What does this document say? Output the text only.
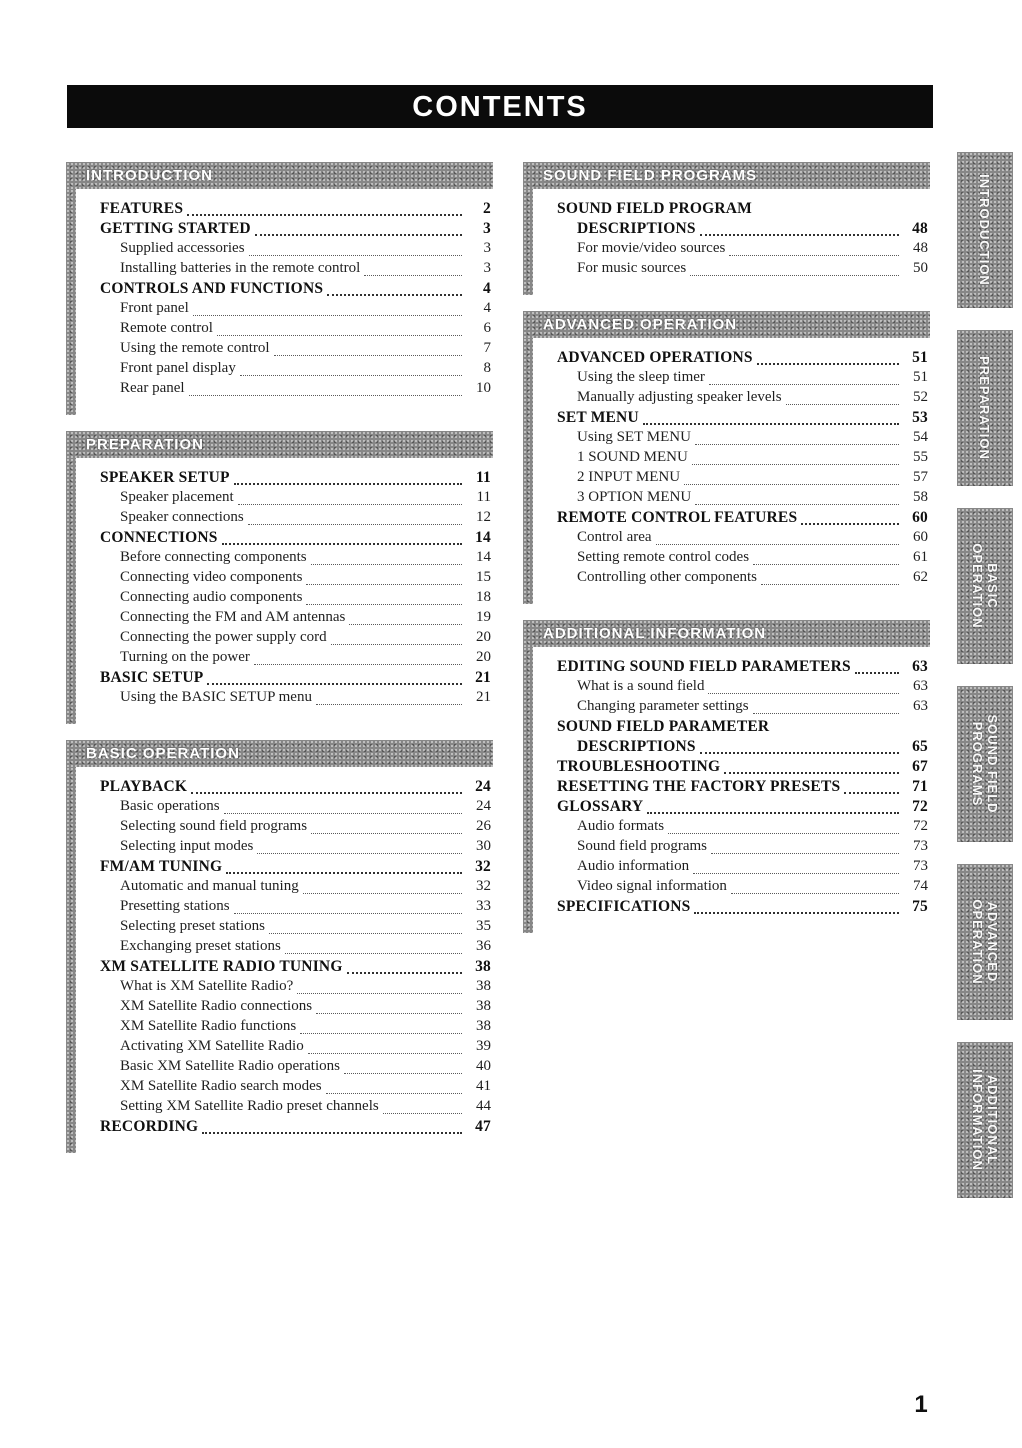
CONTENTS
INTRODUCTION
FEATURES	2
GETTING STARTED	3
Supplied accessories	3
Installing batteries in the remote control	3
CONTROLS AND FUNCTIONS	4
Front panel	4
Remote control	6
Using the remote control	7
Front panel display	8
Rear panel	10
PREPARATION
SPEAKER SETUP	11
Speaker placement	11
Speaker connections	12
CONNECTIONS	14
Before connecting components	14
Connecting video components	15
Connecting audio components	18
Connecting the FM and AM antennas	19
Connecting the power supply cord	20
Turning on the power	20
BASIC SETUP	21
Using the BASIC SETUP menu	21
BASIC OPERATION
PLAYBACK	24
Basic operations	24
Selecting sound field programs	26
Selecting input modes	30
FM/AM TUNING	32
Automatic and manual tuning	32
Presetting stations	33
Selecting preset stations	35
Exchanging preset stations	36
XM SATELLITE RADIO TUNING	38
What is XM Satellite Radio?	38
XM Satellite Radio connections	38
XM Satellite Radio functions	38
Activating XM Satellite Radio	39
Basic XM Satellite Radio operations	40
XM Satellite Radio search modes	41
Setting XM Satellite Radio preset channels	44
RECORDING	47
SOUND FIELD PROGRAMS
SOUND FIELD PROGRAM
DESCRIPTIONS	48
For movie/video sources	48
For music sources	50
ADVANCED OPERATION
ADVANCED OPERATIONS	51
Using the sleep timer	51
Manually adjusting speaker levels	52
SET MENU	53
Using SET MENU	54
1 SOUND MENU	55
2 INPUT MENU	57
3 OPTION MENU	58
REMOTE CONTROL FEATURES	60
Control area	60
Setting remote control codes	61
Controlling other components	62
ADDITIONAL INFORMATION
EDITING SOUND FIELD PARAMETERS	63
What is a sound field	63
Changing parameter settings	63
SOUND FIELD PARAMETER
DESCRIPTIONS	65
TROUBLESHOOTING	67
RESETTING THE FACTORY PRESETS	71
GLOSSARY	72
Audio formats	72
Sound field programs	73
Audio information	73
Video signal information	74
SPECIFICATIONS	75
INTRODUCTION
PREPARATION
BASIC
OPERATION
SOUND FIELD
PROGRAMS
ADVANCED
OPERATION
ADDITIONAL
INFORMATION
1
